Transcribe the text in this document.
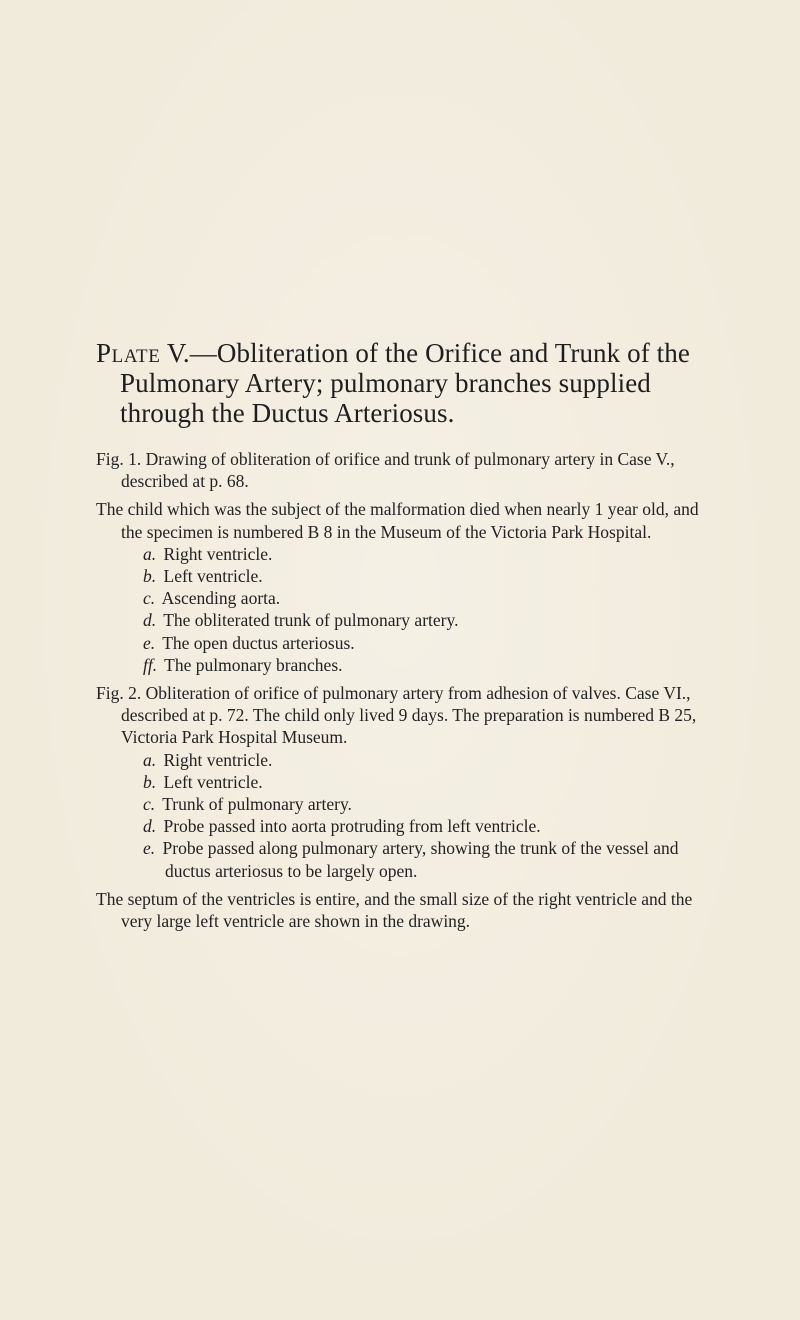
Plate V.—Obliteration of the Orifice and Trunk of the Pulmonary Artery; pulmonary branches supplied through the Ductus Arteriosus.

Fig. 1. Drawing of obliteration of orifice and trunk of pulmonary artery in Case V., described at p. 68.

The child which was the subject of the malformation died when nearly 1 year old, and the specimen is numbered B 8 in the Museum of the Victoria Park Hospital.

a. Right ventricle.
b. Left ventricle.
c. Ascending aorta.
d. The obliterated trunk of pulmonary artery.
e. The open ductus arteriosus.
ff. The pulmonary branches.

Fig. 2. Obliteration of orifice of pulmonary artery from adhesion of valves. Case VI., described at p. 72. The child only lived 9 days. The preparation is numbered B 25, Victoria Park Hospital Museum.

a. Right ventricle.
b. Left ventricle.
c. Trunk of pulmonary artery.
d. Probe passed into aorta protruding from left ventricle.
e. Probe passed along pulmonary artery, showing the trunk of the vessel and ductus arteriosus to be largely open.

The septum of the ventricles is entire, and the small size of the right ventricle and the very large left ventricle are shown in the drawing.
